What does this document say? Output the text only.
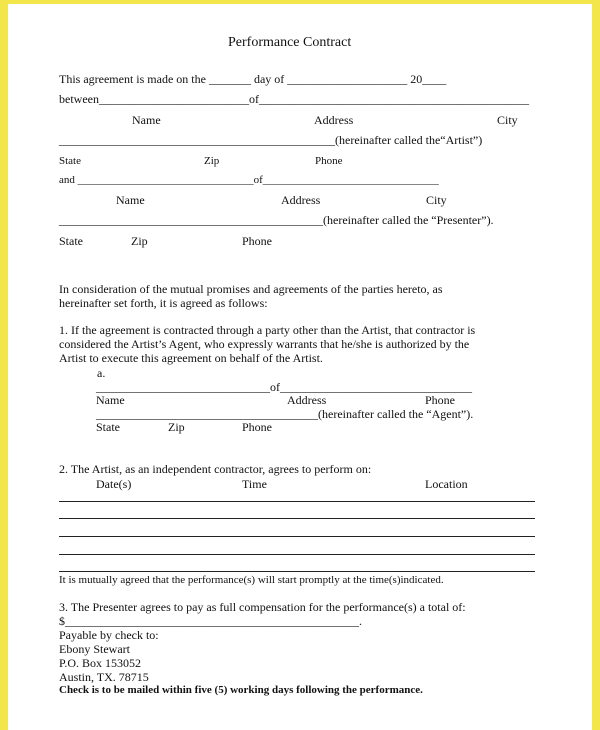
Performance Contract
This agreement is made on the _______ day of ____________________ 20____
between_________________________of_____________________________________________
Name	Address	City
______________________________________________(hereinafter called the“Artist”)
State	Zip	Phone
and ________________________________of________________________________
Name	Address	City
____________________________________________(hereinafter called the “Presenter”).
State	Zip	Phone
In consideration of the mutual promises and agreements of the parties hereto, as
hereinafter set forth, it is agreed as follows:
1. If the agreement is contracted through a party other than the Artist, that contractor is
considered the Artist’s Agent, who expressly warrants that he/she is authorized by the
Artist to execute this agreement on behalf of the Artist.
a.
_____________________________of________________________________
Name	Address	Phone
_____________________________________(hereinafter called the “Agent”).
State	Zip	Phone
2. The Artist, as an independent contractor, agrees to perform on:
Date(s)	Time	Location
It is mutually agreed that the performance(s) will start promptly at the time(s)indicated.
3. The Presenter agrees to pay as full compensation for the performance(s) a total of:
$_________________________________________________.
Payable by check to:
Ebony Stewart
P.O. Box 153052
Austin, TX. 78715
Check is to be mailed within five (5) working days following the performance.
